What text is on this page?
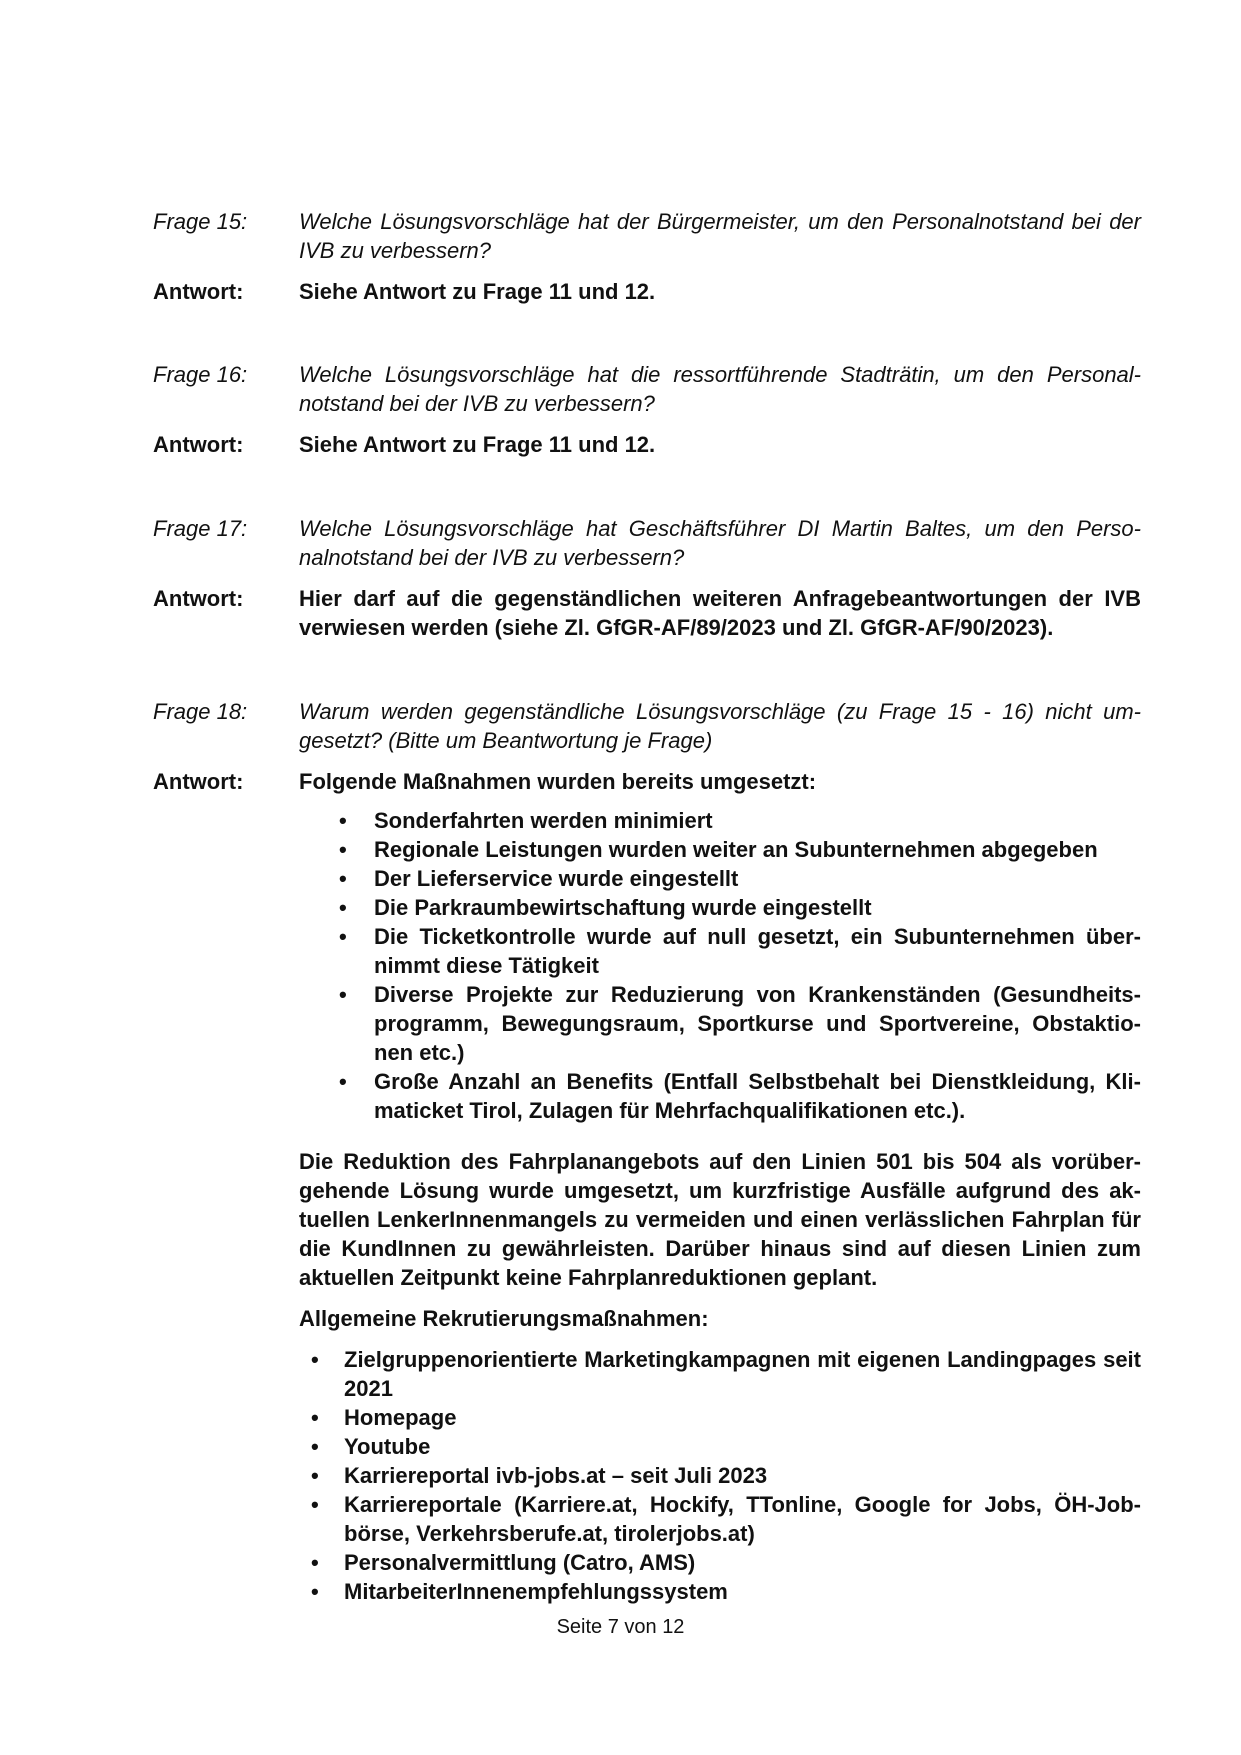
Frage 15:	Welche Lösungsvorschläge hat der Bürgermeister, um den Personalnotstand bei der IVB zu verbessern?
Antwort:	Siehe Antwort zu Frage 11 und 12.
Frage 16:	Welche Lösungsvorschläge hat die ressortführende Stadträtin, um den Personal-notstand bei der IVB zu verbessern?
Antwort:	Siehe Antwort zu Frage 11 und 12.
Frage 17:	Welche Lösungsvorschläge hat Geschäftsführer DI Martin Baltes, um den Perso-nalnotstand bei der IVB zu verbessern?
Antwort:	Hier darf auf die gegenständlichen weiteren Anfragebeantwortungen der IVB verwiesen werden (siehe Zl. GfGR-AF/89/2023 und Zl. GfGR-AF/90/2023).
Frage 18:	Warum werden gegenständliche Lösungsvorschläge (zu Frage 15 - 16) nicht um-gesetzt? (Bitte um Beantwortung je Frage)
Antwort:	Folgende Maßnahmen wurden bereits umgesetzt:
• Sonderfahrten werden minimiert
• Regionale Leistungen wurden weiter an Subunternehmen abgegeben
• Der Lieferservice wurde eingestellt
• Die Parkraumbewirtschaftung wurde eingestellt
• Die Ticketkontrolle wurde auf null gesetzt, ein Subunternehmen über-nimmt diese Tätigkeit
• Diverse Projekte zur Reduzierung von Krankenständen (Gesundheits-programm, Bewegungsraum, Sportkurse und Sportvereine, Obstaktio-nen etc.)
• Große Anzahl an Benefits (Entfall Selbstbehalt bei Dienstkleidung, Kli-maticket Tirol, Zulagen für Mehrfachqualifikationen etc.).
Die Reduktion des Fahrplanangebots auf den Linien 501 bis 504 als vorüber-gehende Lösung wurde umgesetzt, um kurzfristige Ausfälle aufgrund des ak-tuellen LenkerInnenmangels zu vermeiden und einen verlässlichen Fahrplan für die KundInnen zu gewährleisten. Darüber hinaus sind auf diesen Linien zum aktuellen Zeitpunkt keine Fahrplanreduktionen geplant.
Allgemeine Rekrutierungsmaßnahmen:
• Zielgruppenorientierte Marketingkampagnen mit eigenen Landingpages seit 2021
• Homepage
• Youtube
• Karriereportal ivb-jobs.at – seit Juli 2023
• Karriereportale (Karriere.at, Hockify, TTonline, Google for Jobs, ÖH-Job-börse, Verkehrsberufe.at, tirolerjobs.at)
• Personalvermittlung (Catro, AMS)
• MitarbeiterInnenempfehlungssystem
Seite 7 von 12
